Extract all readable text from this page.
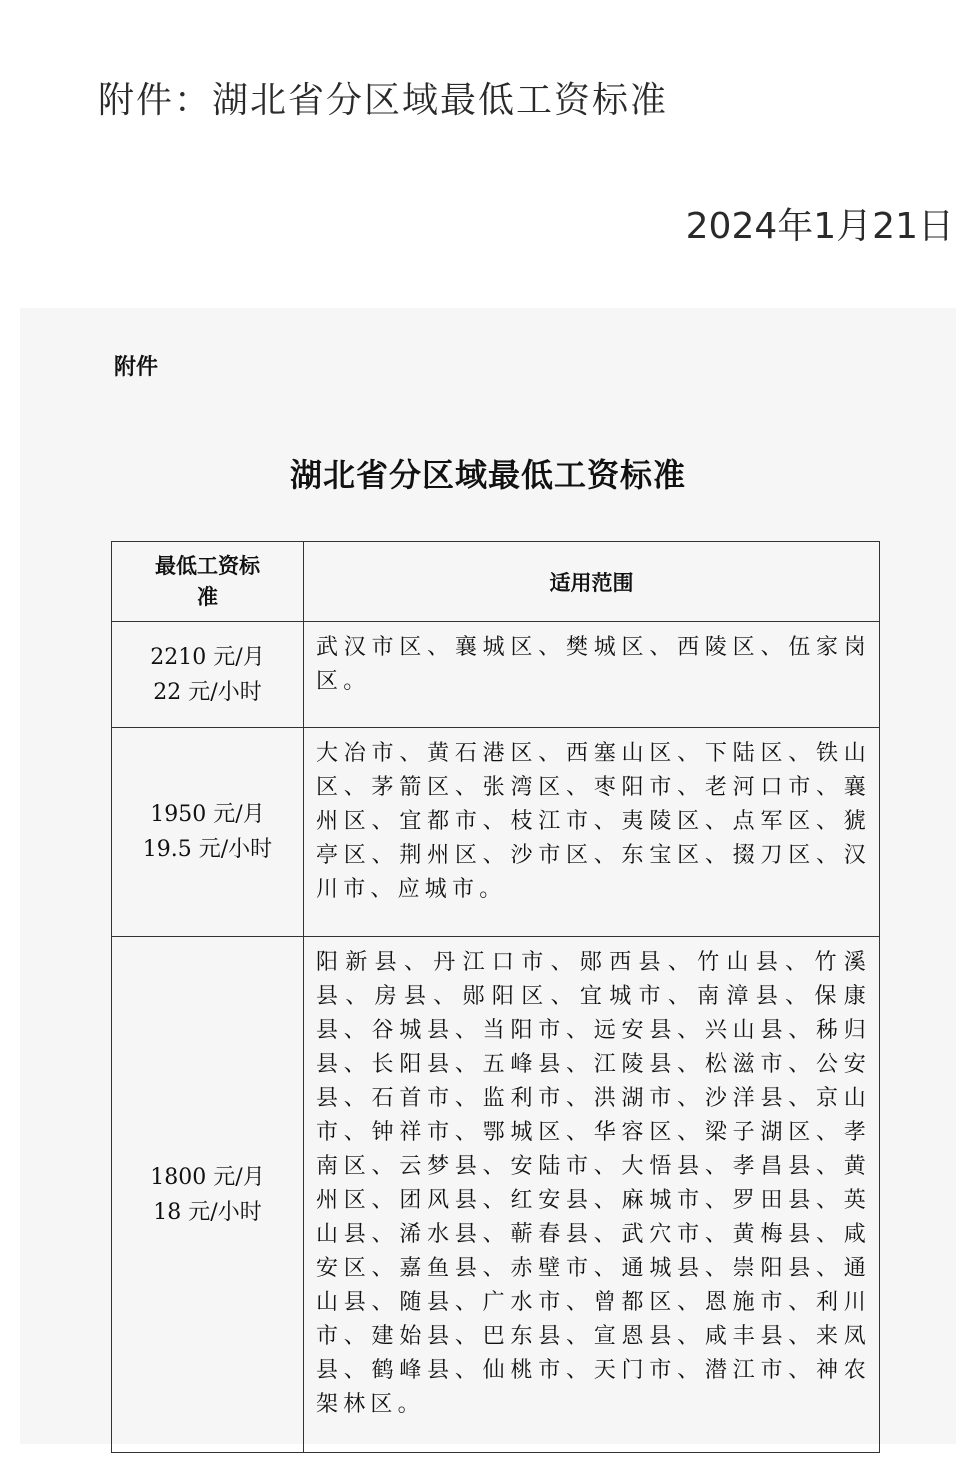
附件：湖北省分区域最低工资标准
2024年1月21日
附件
湖北省分区域最低工资标准
最低工资标准	适用范围

2210 元/月
22 元/小时	武汉市区、襄城区、樊城区、西陵区、伍家岗区。

1950 元/月
19.5 元/小时	大冶市、黄石港区、西塞山区、下陆区、铁山区、茅箭区、张湾区、枣阳市、老河口市、襄州区、宜都市、枝江市、夷陵区、点军区、猇亭区、荆州区、沙市区、东宝区、掇刀区、汉川市、应城市。

1800 元/月
18 元/小时	阳新县、丹江口市、郧西县、竹山县、竹溪县、房县、郧阳区、宜城市、南漳县、保康县、谷城县、当阳市、远安县、兴山县、秭归县、长阳县、五峰县、江陵县、松滋市、公安县、石首市、监利市、洪湖市、沙洋县、京山市、钟祥市、鄂城区、华容区、梁子湖区、孝南区、云梦县、安陆市、大悟县、孝昌县、黄州区、团风县、红安县、麻城市、罗田县、英山县、浠水县、蕲春县、武穴市、黄梅县、咸安区、嘉鱼县、赤壁市、通城县、崇阳县、通山县、随县、广水市、曾都区、恩施市、利川市、建始县、巴东县、宣恩县、咸丰县、来凤县、鹤峰县、仙桃市、天门市、潜江市、神农架林区。
